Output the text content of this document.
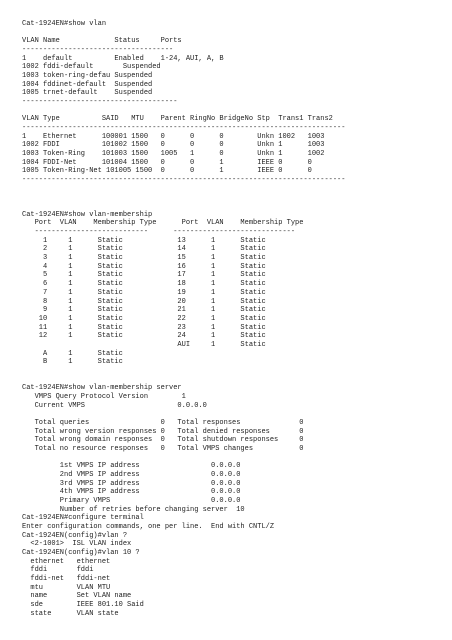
Cat-1924EN#show vlan

VLAN Name             Status     Ports
------------------------------------
1    default          Enabled    1-24, AUI, A, B
1002 fddi-default       Suspended
1003 token-ring-defau Suspended
1004 fddinet-default  Suspended
1005 trnet-default    Suspended
-------------------------------------

VLAN Type          SAID   MTU    Parent RingNo BridgeNo Stp  Trans1 Trans2
-----------------------------------------------------------------------------
1    Ethernet      100001 1500   0      0      0        Unkn 1002   1003
1002 FDDI          101002 1500   0      0      0        Unkn 1      1003
1003 Token-Ring    101003 1500   1005   1      0        Unkn 1      1002
1004 FDDI-Net      101004 1500   0      0      1        IEEE 0      0
1005 Token-Ring-Net 101005 1500  0      0      1        IEEE 0      0
-----------------------------------------------------------------------------

Cat-1924EN#show vlan-membership
Port  VLAN    Membership Type      Port  VLAN    Membership Type
---------------------------      -----------------------------
1     1      Static             13      1      Static
2     1      Static             14      1      Static
3     1      Static             15      1      Static
4     1      Static             16      1      Static
5     1      Static             17      1      Static
6     1      Static             18      1      Static
7     1      Static             19      1      Static
8     1      Static             20      1      Static
9     1      Static             21      1      Static
10     1      Static             22      1      Static
11     1      Static             23      1      Static
12     1      Static             24      1      Static
AUI     1      Static
A     1      Static
B     1      Static

Cat-1924EN#show vlan-membership server
VMPS Query Protocol Version        1
Current VMPS                      0.0.0.0

Total queries                 0   Total responses              0
Total wrong version responses 0   Total denied responses       0
Total wrong domain responses  0   Total shutdown responses     0
Total no resource responses   0   Total VMPS changes           0

1st VMPS IP address                 0.0.0.0
2nd VMPS IP address                 0.0.0.0
3rd VMPS IP address                 0.0.0.0
4th VMPS IP address                 0.0.0.0
Primary VMPS                        0.0.0.0
Number of retries before changing server  10
Cat-1924EN#configure terminal
Enter configuration commands, one per line.  End with CNTL/Z
Cat-1924EN(config)#vlan ?
<2-1001>  ISL VLAN index
Cat-1924EN(config)#vlan 10 ?
ethernet   ethernet
fddi       fddi
fddi-net   fddi-net
mtu        VLAN MTU
name       Set VLAN name
sde        IEEE 801.10 Said
state      VLAN state
